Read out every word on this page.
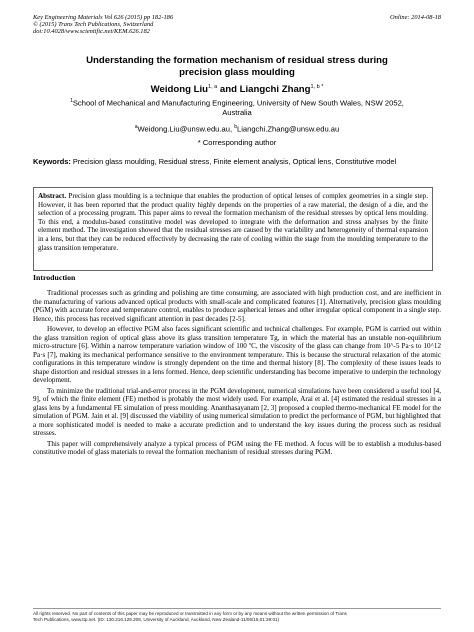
Key Engineering Materials Vol 626 (2015) pp 182-186
© (2015) Trans Tech Publications, Switzerland
doi:10.4028/www.scientific.net/KEM.626.182
Online: 2014-08-18
Understanding the formation mechanism of residual stress during
precision glass moulding
Weidong Liu$^{1, a}$ and Liangchi Zhang$^{1, b *}$
$^1$School of Mechanical and Manufacturing Engineering, University of New South Wales, NSW 2052,
Australia
$^a$Weidong.Liu@unsw.edu.au, $^b$Liangchi.Zhang@unsw.edu.au
* Corresponding author
Keywords: Precision glass moulding, Residual stress, Finite element analysis, Optical lens, Constitutive model
Abstract. Precision glass moulding is a technique that enables the production of optical lenses of complex geometries in a single step. However, it has been reported that the product quality highly depends on the properties of a raw material, the design of a die, and the selection of a processing program. This paper aims to reveal the formation mechanism of the residual stresses by optical lens moulding. To this end, a modulus-based constitutive model was developed to integrate with the deformation and stress analyses by the finite element method. The investigation showed that the residual stresses are caused by the variability and heterogeneity of thermal expansion in a lens, but that they can be reduced effectively by decreasing the rate of cooling within the stage from the moulding temperature to the glass transition temperature.
Introduction

Traditional processes such as grinding and polishing are time consuming, are associated with high production cost, and are inefficient in the manufacturing of various advanced optical products with small-scale and complicated features [1]. Alternatively, precision glass moulding (PGM) with accurate force and temperature control, enables to produce aspherical lenses and other irregular optical component in a single step. Hence, this process has received significant attention in past decades [2-5].

However, to develop an effective PGM also faces significant scientific and technical challenges. For example, PGM is carried out within the glass transition region of optical glass above its glass transition temperature Tg, in which the material has an unstable non-equilibrium micro-structure [6]. Within a narrow temperature variation window of 100 ºC, the viscosity of the glass can change from 10^-5 Pa·s to 10^12 Pa·s [7], making its mechanical performance sensitive to the environment temperature. This is because the structural relaxation of the atomic configurations in this temperature window is strongly dependent on the time and thermal history [8]. The complexity of these issues leads to shape distortion and residual stresses in a lens formed. Hence, deep scientific understanding has become imperative to underpin the technology development.

To minimize the traditional trial-and-error process in the PGM development, numerical simulations have been considered a useful tool [4, 9], of which the finite element (FE) method is probably the most widely used. For example, Arai et al. [4] estimated the residual stresses in a glass lens by a fundamental FE simulation of press moulding. Ananthasayanam [2, 3] proposed a coupled thermo-mechanical FE model for the simulation of PGM. Jain et al. [9] discussed the viability of using numerical simulation to predict the performance of PGM, but highlighted that a more sophisticated model is needed to make a accurate prediction and to understand the key issues during the process such as residual stresses.

This paper will comprehensively analyze a typical process of PGM using the FE method. A focus will be to establish a modulus-based constitutive model of glass materials to reveal the formation mechanism of residual stresses during PGM.

All rights reserved. No part of contents of this paper may be reproduced or transmitted in any form or by any means without the written permission of Trans
Tech Publications, www.ttp.net. (ID: 130.216.129.208, University of Auckland, Auckland, New Zealand-11/06/15,01:39:01)
